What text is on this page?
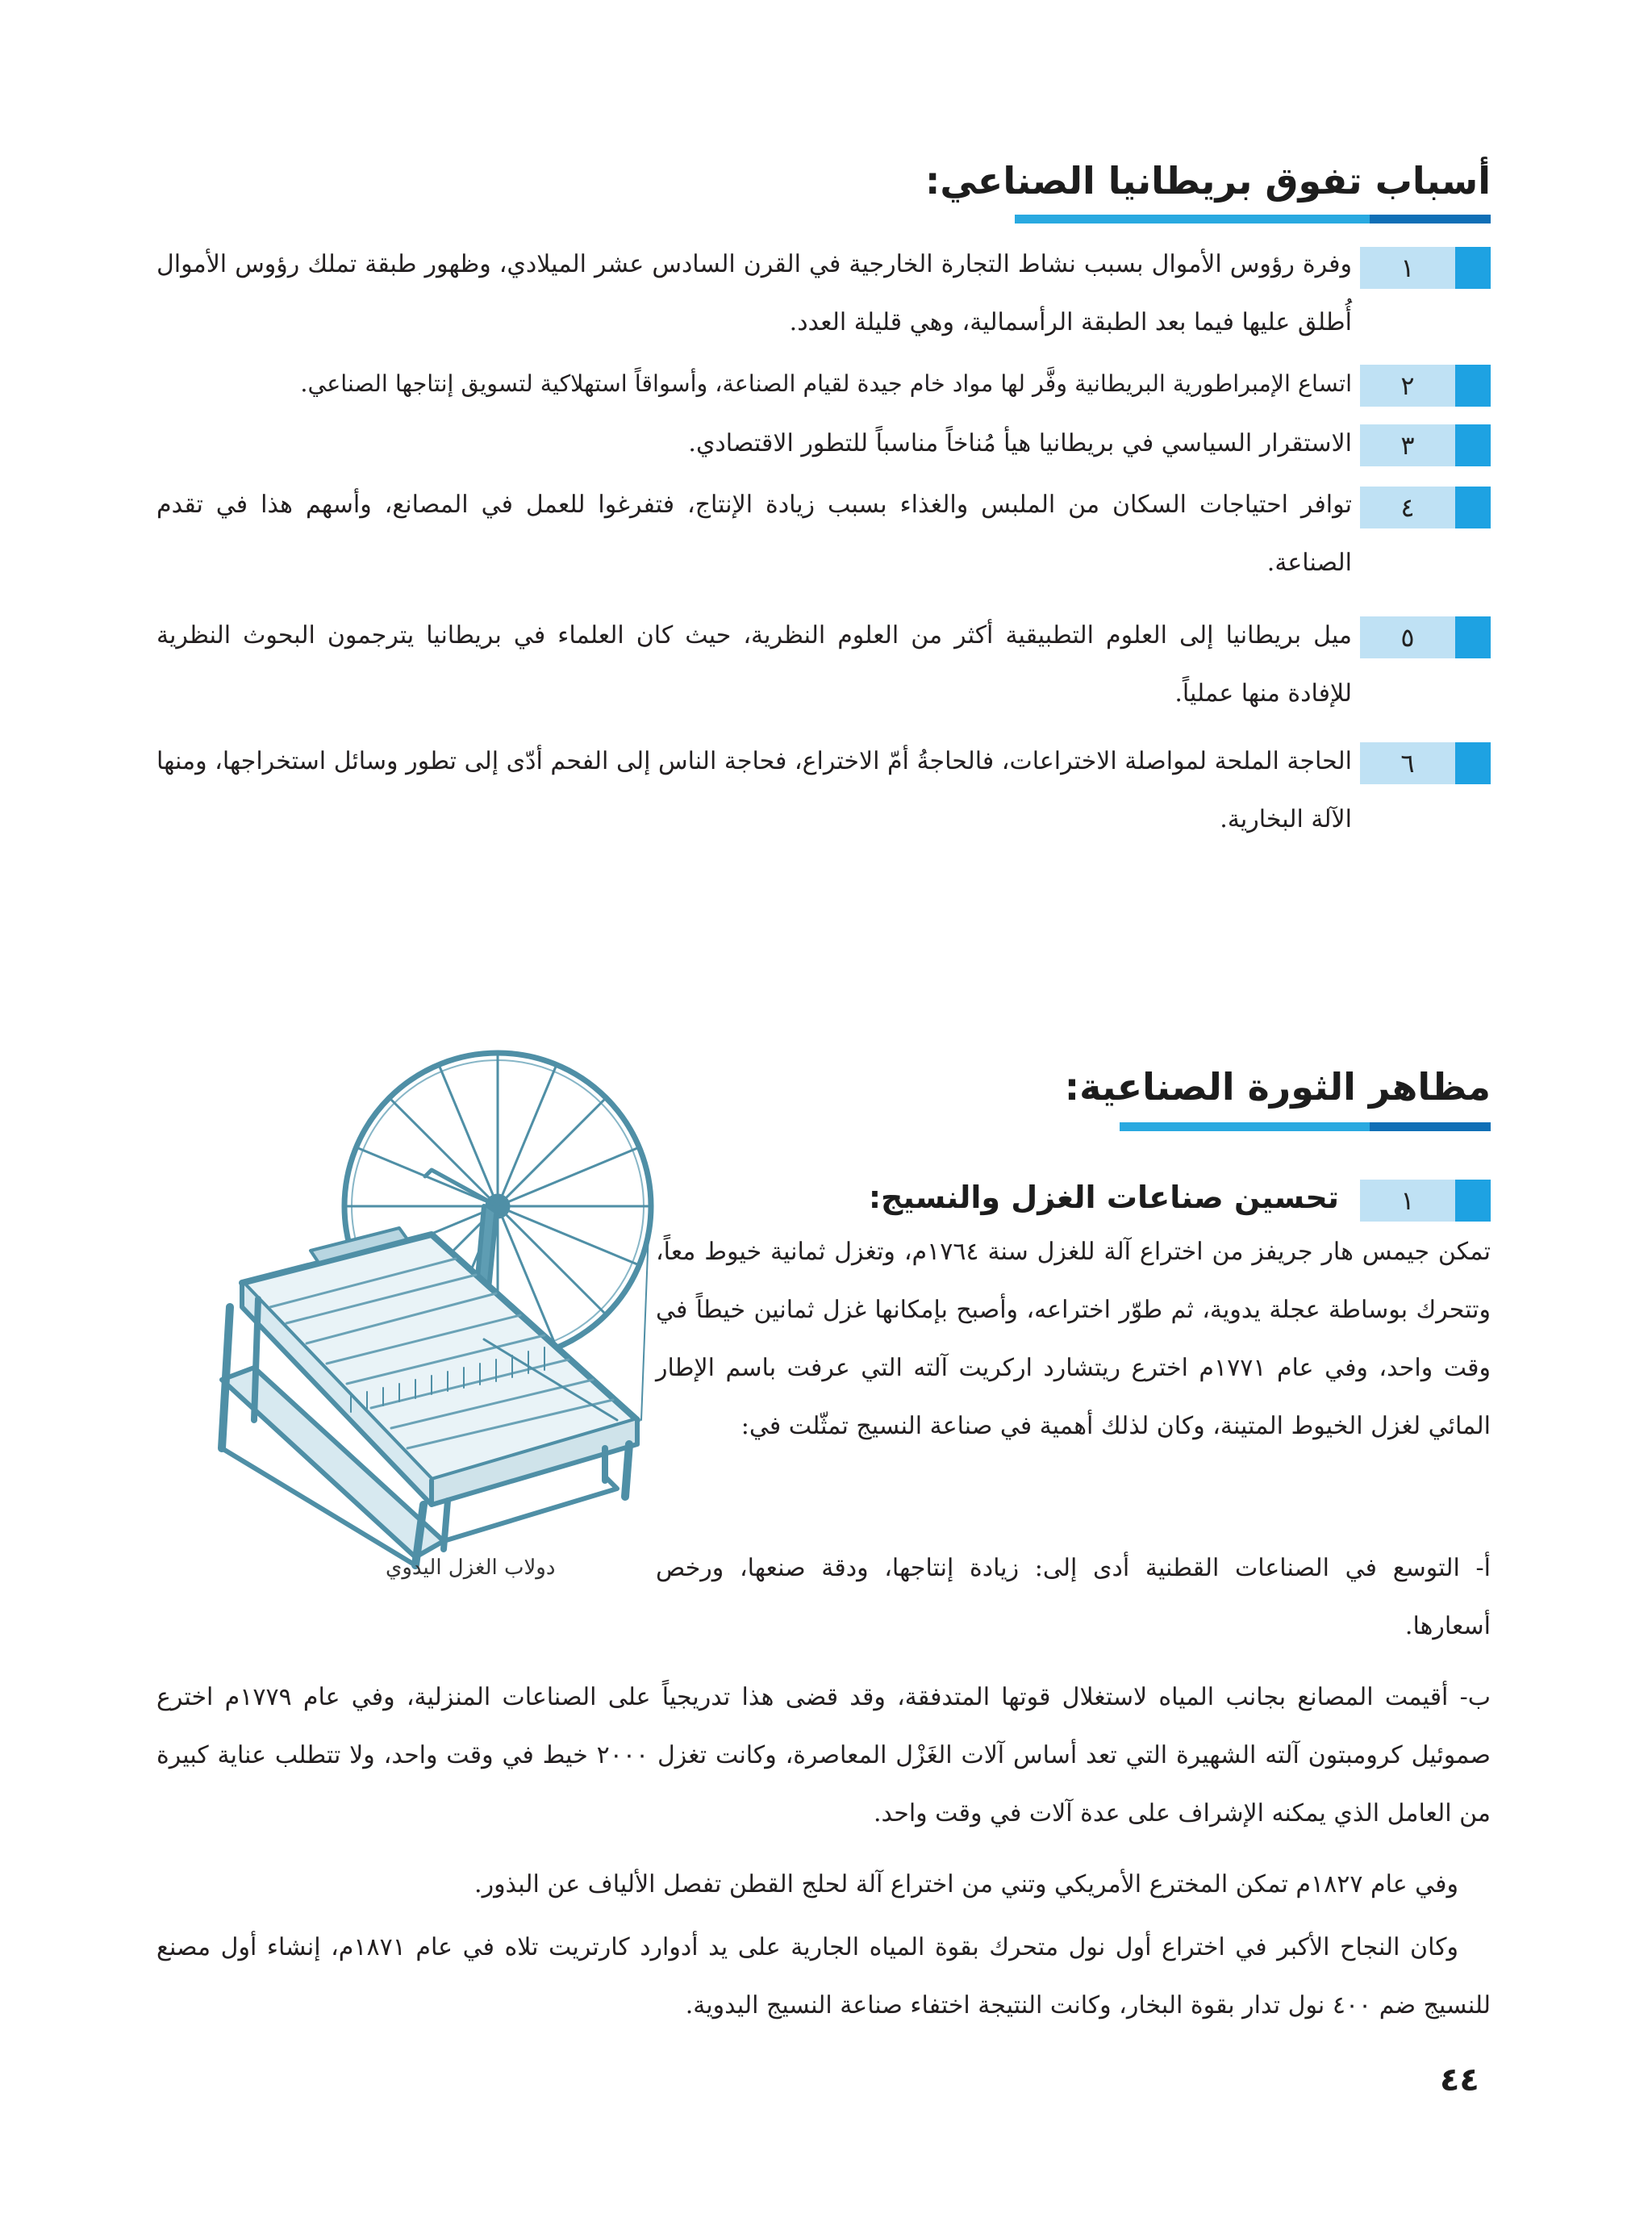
أسباب تفوق بريطانيا الصناعي:
١
وفرة رؤوس الأموال بسبب نشاط التجارة الخارجية في القرن السادس عشر الميلادي، وظهور طبقة تملك رؤوس الأموال أُطلق عليها فيما بعد الطبقة الرأسمالية، وهي قليلة العدد.
٢
اتساع الإمبراطورية البريطانية وفَّر لها مواد خام جيدة لقيام الصناعة، وأسواقاً استهلاكية لتسويق إنتاجها الصناعي.
٣
الاستقرار السياسي في بريطانيا هيأ مُناخاً مناسباً للتطور الاقتصادي.
٤
توافر احتياجات السكان من الملبس والغذاء بسبب زيادة الإنتاج، فتفرغوا للعمل في المصانع، وأسهم هذا في تقدم الصناعة.
٥
ميل بريطانيا إلى العلوم التطبيقية أكثر من العلوم النظرية، حيث كان العلماء في بريطانيا يترجمون البحوث النظرية للإفادة منها عملياً.
٦
الحاجة الملحة لمواصلة الاختراعات، فالحاجةُ أمّ الاختراع، فحاجة الناس إلى الفحم أدّى إلى تطور وسائل استخراجها، ومنها الآلة البخارية.
مظاهر الثورة الصناعية:
١
تحسين صناعات الغزل والنسيج:
تمكن جيمس هار جريفز من اختراع آلة للغزل سنة ١٧٦٤م، وتغزل ثمانية خيوط معاً، وتتحرك بوساطة عجلة يدوية، ثم طوّر اختراعه، وأصبح بإمكانها غزل ثمانين خيطاً في وقت واحد، وفي عام ١٧٧١م اخترع ريتشارد اركريت آلته التي عرفت باسم الإطار المائي لغزل الخيوط المتينة، وكان لذلك أهمية في صناعة النسيج تمثّلت في:
أ- التوسع في الصناعات القطنية أدى إلى: زيادة إنتاجها، ودقة صنعها، ورخص أسعارها.
ب- أقيمت المصانع بجانب المياه لاستغلال قوتها المتدفقة، وقد قضى هذا تدريجياً على الصناعات المنزلية، وفي عام ١٧٧٩م اخترع صموئيل كرومبتون آلته الشهيرة التي تعد أساس آلات الغَزْل المعاصرة، وكانت تغزل ٢٠٠٠ خيط في وقت واحد، ولا تتطلب عناية كبيرة من العامل الذي يمكنه الإشراف على عدة آلات في وقت واحد.
وفي عام ١٨٢٧م تمكن المخترع الأمريكي وتني من اختراع آلة لحلج القطن تفصل الألياف عن البذور.
وكان النجاح الأكبر في اختراع أول نول متحرك بقوة المياه الجارية على يد أدوارد كارتريت تلاه في عام ١٨٧١م، إنشاء أول مصنع للنسيج ضم ٤٠٠ نول تدار بقوة البخار، وكانت النتيجة اختفاء صناعة النسيج اليدوية.
دولاب الغزل اليدوي
٤٤
